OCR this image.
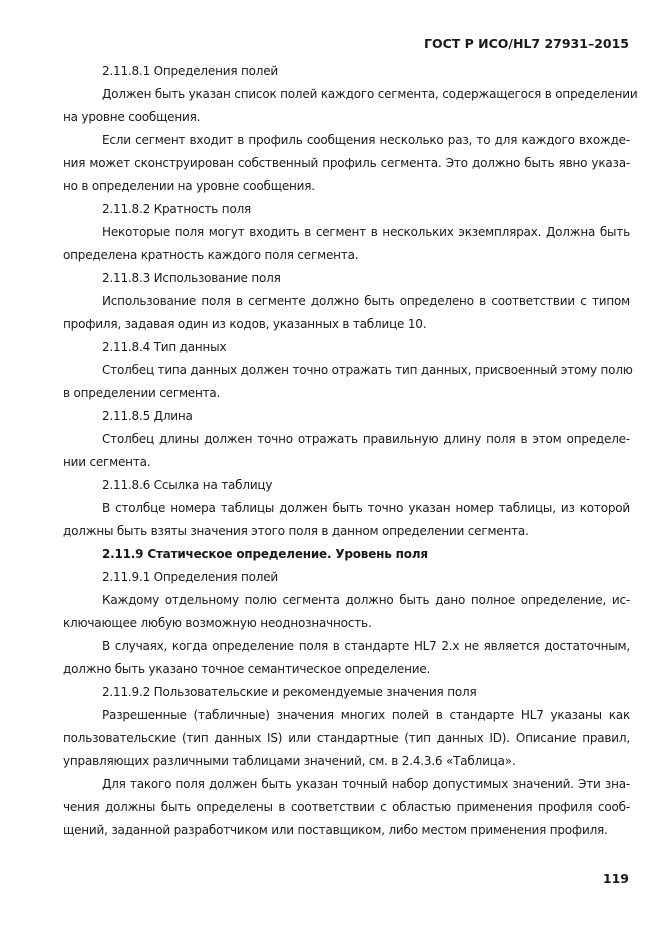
ГОСТ Р ИСО/HL7 27931–2015

2.11.8.1 Определения полей

Должен быть указан список полей каждого сегмента, содержащегося в определении
на уровне сообщения.
Если сегмент входит в профиль сообщения несколько раз, то для каждого вхожде-
ния может сконструирован собственный профиль сегмента. Это должно быть явно указа-
но в определении на уровне сообщения.

2.11.8.2 Кратность поля

Некоторые поля могут входить в сегмент в нескольких экземплярах. Должна быть
определена кратность каждого поля сегмента.

2.11.8.3 Использование поля

Использование поля в сегменте должно быть определено в соответствии с типом
профиля, задавая один из кодов, указанных в таблице 10.

2.11.8.4 Тип данных

Столбец типа данных должен точно отражать тип данных, присвоенный этому полю
в определении сегмента.

2.11.8.5 Длина

Столбец длины должен точно отражать правильную длину поля в этом определе-
нии сегмента.

2.11.8.6 Ссылка на таблицу

В столбце номера таблицы должен быть точно указан номер таблицы, из которой
должны быть взяты значения этого поля в данном определении сегмента.

2.11.9 Статическое определение. Уровень поля

2.11.9.1 Определения полей

Каждому отдельному полю сегмента должно быть дано полное определение, ис-
ключающее любую возможную неоднозначность.
В случаях, когда определение поля в стандарте HL7 2.x не является достаточным,
должно быть указано точное семантическое определение.

2.11.9.2 Пользовательские и рекомендуемые значения поля

Разрешенные (табличные) значения многих полей в стандарте HL7 указаны как
пользовательские (тип данных IS) или стандартные (тип данных ID). Описание правил,
управляющих различными таблицами значений, см. в 2.4.3.6 «Таблица».
Для такого поля должен быть указан точный набор допустимых значений. Эти зна-
чения должны быть определены в соответствии с областью применения профиля сооб-
щений, заданной разработчиком или поставщиком, либо местом применения профиля.
119
